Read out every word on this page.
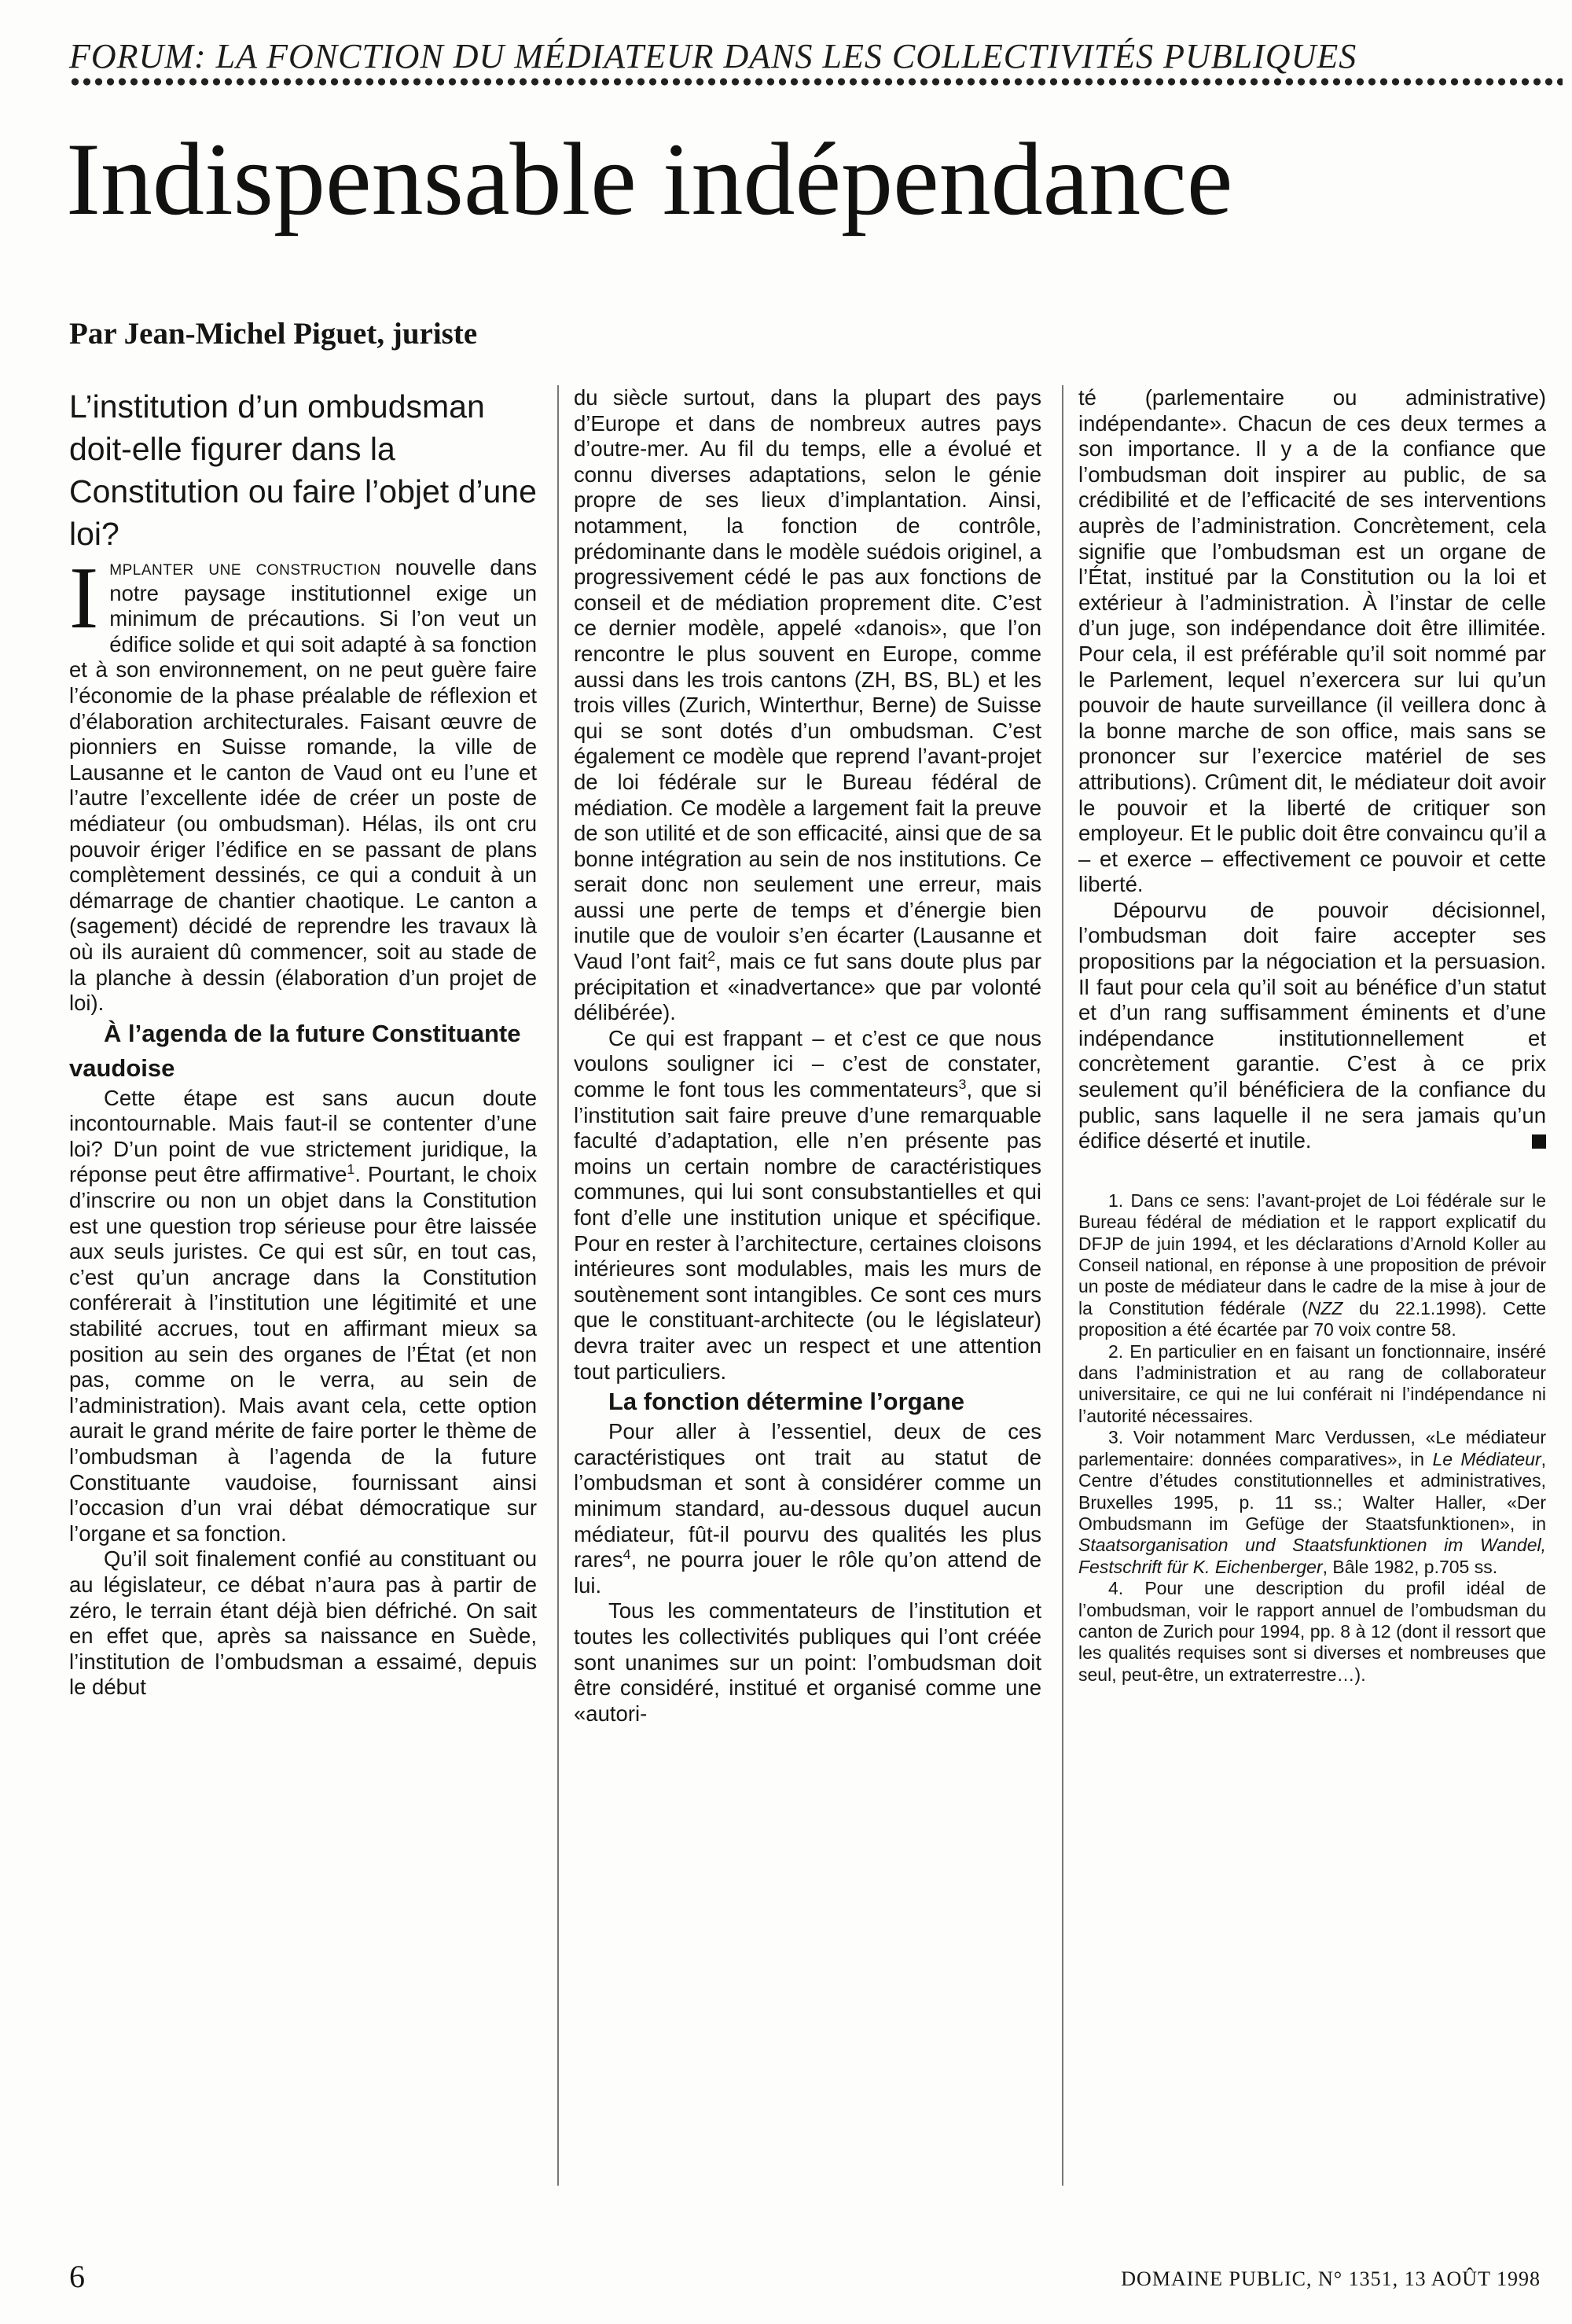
FORUM: LA FONCTION DU MÉDIATEUR DANS LES COLLECTIVITÉS PUBLIQUES
Indispensable indépendance
Par Jean-Michel Piguet, juriste

L’institution d’un ombudsman doit-elle figurer dans la Constitution ou faire l’objet d’une loi?

Implanter une construction nouvelle dans notre paysage institutionnel exige un minimum de précautions. Si l’on veut un édifice solide et qui soit adapté à sa fonction et à son environnement, on ne peut guère faire l’économie de la phase préalable de réflexion et d’élaboration architecturales. Faisant œuvre de pionniers en Suisse romande, la ville de Lausanne et le canton de Vaud ont eu l’une et l’autre l’excellente idée de créer un poste de médiateur (ou ombudsman). Hélas, ils ont cru pouvoir ériger l’édifice en se passant de plans complètement dessinés, ce qui a conduit à un démarrage de chantier chaotique. Le canton a (sagement) décidé de reprendre les travaux là où ils auraient dû commencer, soit au stade de la planche à dessin (élaboration d’un projet de loi).

À l’agenda de la future Constituante vaudoise

Cette étape est sans aucun doute incontournable. Mais faut-il se contenter d’une loi? D’un point de vue strictement juridique, la réponse peut être affirmative$^1$. Pourtant, le choix d’inscrire ou non un objet dans la Constitution est une question trop sérieuse pour être laissée aux seuls juristes. Ce qui est sûr, en tout cas, c’est qu’un ancrage dans la Constitution conférerait à l’institution une légitimité et une stabilité accrues, tout en affirmant mieux sa position au sein des organes de l’État (et non pas, comme on le verra, au sein de l’administration). Mais avant cela, cette option aurait le grand mérite de faire porter le thème de l’ombudsman à l’agenda de la future Constituante vaudoise, fournissant ainsi l’occasion d’un vrai débat démocratique sur l’organe et sa fonction.

Qu’il soit finalement confié au constituant ou au législateur, ce débat n’aura pas à partir de zéro, le terrain étant déjà bien défriché. On sait en effet que, après sa naissance en Suède, l’institution de l’ombudsman a essaimé, depuis le début

du siècle surtout, dans la plupart des pays d’Europe et dans de nombreux autres pays d’outre-mer. Au fil du temps, elle a évolué et connu diverses adaptations, selon le génie propre de ses lieux d’implantation. Ainsi, notamment, la fonction de contrôle, prédominante dans le modèle suédois originel, a progressivement cédé le pas aux fonctions de conseil et de médiation proprement dite. C’est ce dernier modèle, appelé «danois», que l’on rencontre le plus souvent en Europe, comme aussi dans les trois cantons (ZH, BS, BL) et les trois villes (Zurich, Winterthur, Berne) de Suisse qui se sont dotés d’un ombudsman. C’est également ce modèle que reprend l’avant-projet de loi fédérale sur le Bureau fédéral de médiation. Ce modèle a largement fait la preuve de son utilité et de son efficacité, ainsi que de sa bonne intégration au sein de nos institutions. Ce serait donc non seulement une erreur, mais aussi une perte de temps et d’énergie bien inutile que de vouloir s’en écarter (Lausanne et Vaud l’ont fait$^2$, mais ce fut sans doute plus par précipitation et «inadvertance» que par volonté délibérée).

Ce qui est frappant – et c’est ce que nous voulons souligner ici – c’est de constater, comme le font tous les commentateurs$^3$, que si l’institution sait faire preuve d’une remarquable faculté d’adaptation, elle n’en présente pas moins un certain nombre de caractéristiques communes, qui lui sont consubstantielles et qui font d’elle une institution unique et spécifique. Pour en rester à l’architecture, certaines cloisons intérieures sont modulables, mais les murs de soutènement sont intangibles. Ce sont ces murs que le constituant-architecte (ou le législateur) devra traiter avec un respect et une attention tout particuliers.

La fonction détermine l’organe

Pour aller à l’essentiel, deux de ces caractéristiques ont trait au statut de l’ombudsman et sont à considérer comme un minimum standard, au-dessous duquel aucun médiateur, fût-il pourvu des qualités les plus rares$^4$, ne pourra jouer le rôle qu’on attend de lui.

Tous les commentateurs de l’institution et toutes les collectivités publiques qui l’ont créée sont unanimes sur un point: l’ombudsman doit être considéré, institué et organisé comme une «autori-

té (parlementaire ou administrative) indépendante». Chacun de ces deux termes a son importance. Il y a de la confiance que l’ombudsman doit inspirer au public, de sa crédibilité et de l’efficacité de ses interventions auprès de l’administration. Concrètement, cela signifie que l’ombudsman est un organe de l’État, institué par la Constitution ou la loi et extérieur à l’administration. À l’instar de celle d’un juge, son indépendance doit être illimitée. Pour cela, il est préférable qu’il soit nommé par le Parlement, lequel n’exercera sur lui qu’un pouvoir de haute surveillance (il veillera donc à la bonne marche de son office, mais sans se prononcer sur l’exercice matériel de ses attributions). Crûment dit, le médiateur doit avoir le pouvoir et la liberté de critiquer son employeur. Et le public doit être convaincu qu’il a – et exerce – effectivement ce pouvoir et cette liberté.

Dépourvu de pouvoir décisionnel, l’ombudsman doit faire accepter ses propositions par la négociation et la persuasion. Il faut pour cela qu’il soit au bénéfice d’un statut et d’un rang suffisamment éminents et d’une indépendance institutionnellement et concrètement garantie. C’est à ce prix seulement qu’il bénéficiera de la confiance du public, sans laquelle il ne sera jamais qu’un édifice déserté et inutile.

1. Dans ce sens: l’avant-projet de Loi fédérale sur le Bureau fédéral de médiation et le rapport explicatif du DFJP de juin 1994, et les déclarations d’Arnold Koller au Conseil national, en réponse à une proposition de prévoir un poste de médiateur dans le cadre de la mise à jour de la Constitution fédérale (NZZ du 22.1.1998). Cette proposition a été écartée par 70 voix contre 58.

2. En particulier en en faisant un fonctionnaire, inséré dans l’administration et au rang de collaborateur universitaire, ce qui ne lui conférait ni l’indépendance ni l’autorité nécessaires.

3. Voir notamment Marc Verdussen, «Le médiateur parlementaire: données comparatives», in Le Médiateur, Centre d’études constitutionnelles et administratives, Bruxelles 1995, p. 11 ss.; Walter Haller, «Der Ombudsmann im Gefüge der Staatsfunktionen», in Staatsorganisation und Staatsfunktionen im Wandel, Festschrift für K. Eichenberger, Bâle 1982, p.705 ss.

4. Pour une description du profil idéal de l’ombudsman, voir le rapport annuel de l’ombudsman du canton de Zurich pour 1994, pp. 8 à 12 (dont il ressort que les qualités requises sont si diverses et nombreuses que seul, peut-être, un extraterrestre…).

6	DOMAINE PUBLIC, N° 1351, 13 AOÛT 1998
